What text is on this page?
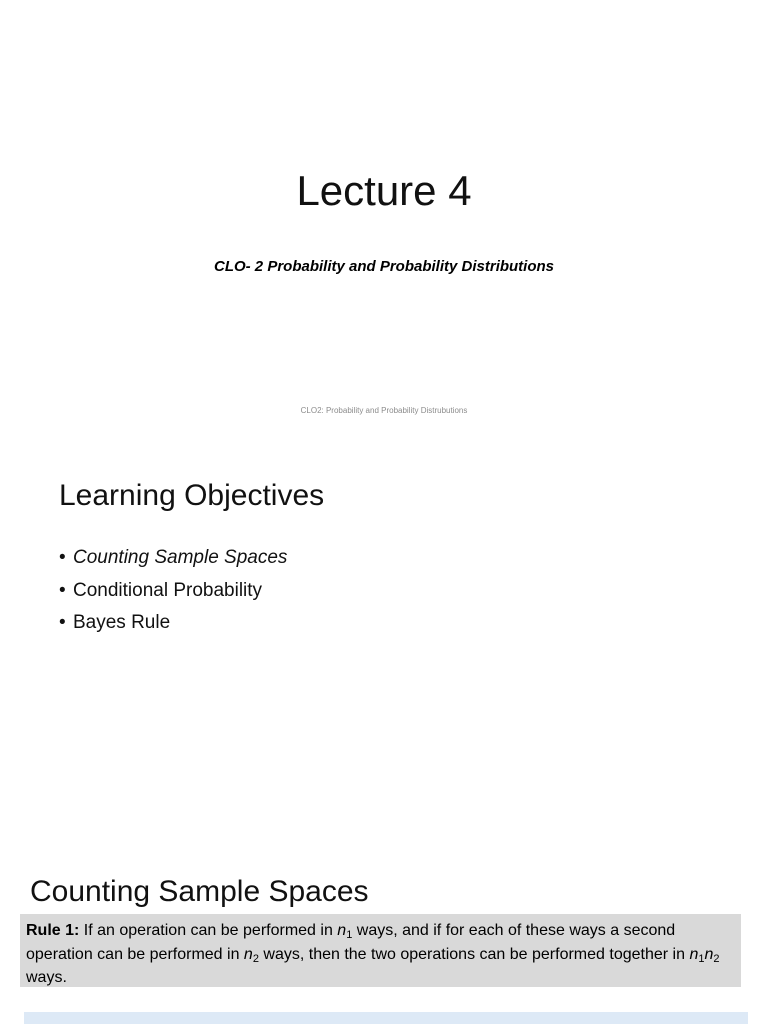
Lecture 4

CLO- 2 Probability and Probability Distributions

CLO2: Probability and Probability Distrubutions
Learning Objectives
• Counting Sample Spaces
• Conditional Probability
• Bayes Rule
Counting Sample Spaces
Rule 1: If an operation can be performed in $n_1$ ways, and if for each of these ways a second operation can be performed in $n_2$ ways, then the two operations can be performed together in $n_1n_2$ ways.
